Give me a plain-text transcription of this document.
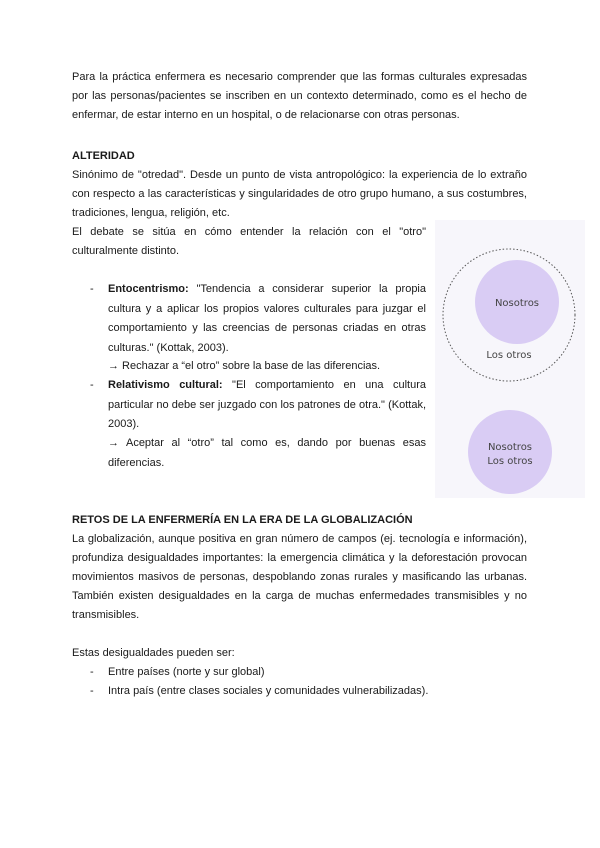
Para la práctica enfermera es necesario comprender que las formas culturales expresadas por las personas/pacientes se inscriben en un contexto determinado, como es el hecho de enfermar, de estar interno en un hospital, o de relacionarse con otras personas.

ALTERIDAD

Sinónimo de "otredad". Desde un punto de vista antropológico: la experiencia de lo extraño con respecto a las características y singularidades de otro grupo humano, a sus costumbres, tradiciones, lengua, religión, etc.

El debate se sitúa en cómo entender la relación con el "otro" culturalmente distinto.

- Entocentrismo: "Tendencia a considerar superior la propia cultura y a aplicar los propios valores culturales para juzgar el comportamiento y las creencias de personas criadas en otras culturas." (Kottak, 2003).
→ Rechazar a “el otro” sobre la base de las diferencias.
- Relativismo cultural: "El comportamiento en una cultura particular no debe ser juzgado con los patrones de otra." (Kottak, 2003).
→ Aceptar al “otro” tal como es, dando por buenas esas diferencias.
Nosotros
Los otros
Nosotros
Los otros
RETOS DE LA ENFERMERÍA EN LA ERA DE LA GLOBALIZACIÓN

La globalización, aunque positiva en gran número de campos (ej. tecnología e información), profundiza desigualdades importantes: la emergencia climática y la deforestación provocan movimientos masivos de personas, despoblando zonas rurales y masificando las urbanas. También existen desigualdades en la carga de muchas enfermedades transmisibles y no transmisibles.

Estas desigualdades pueden ser:
- Entre países (norte y sur global)
- Intra país (entre clases sociales y comunidades vulnerabilizadas).
